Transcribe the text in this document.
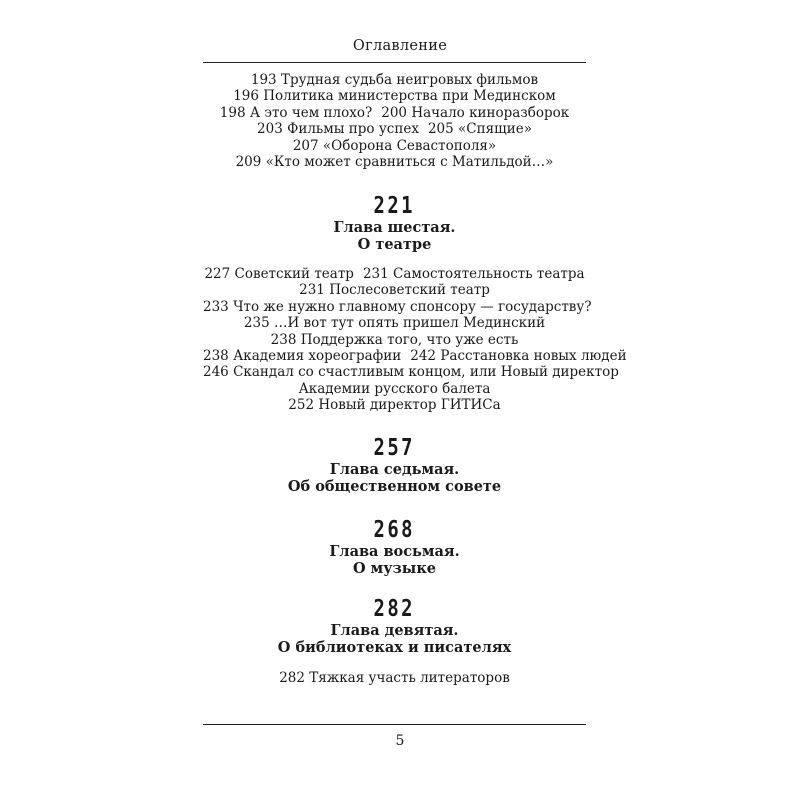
Оглавление
193 Трудная судьба неигровых фильмов
196 Политика министерства при Мединском
198 А это чем плохо? 200 Начало киноразборок
203 Фильмы про успех 205 «Спящие»
207 «Оборона Севастополя»
209 «Кто может сравниться с Матильдой…»
221
Глава шестая.
О театре
227 Советский театр 231 Самостоятельность театра
231 Послесоветский театр
233 Что же нужно главному спонсору — государству?
235 …И вот тут опять пришел Мединский
238 Поддержка того, что уже есть
238 Академия хореографии 242 Расстановка новых людей
246 Скандал со счастливым концом, или Новый директор
Академии русского балета
252 Новый директор ГИТИСа
257
Глава седьмая.
Об общественном совете
268
Глава восьмая.
О музыке
282
Глава девятая.
О библиотеках и писателях
282 Тяжкая участь литераторов
5
